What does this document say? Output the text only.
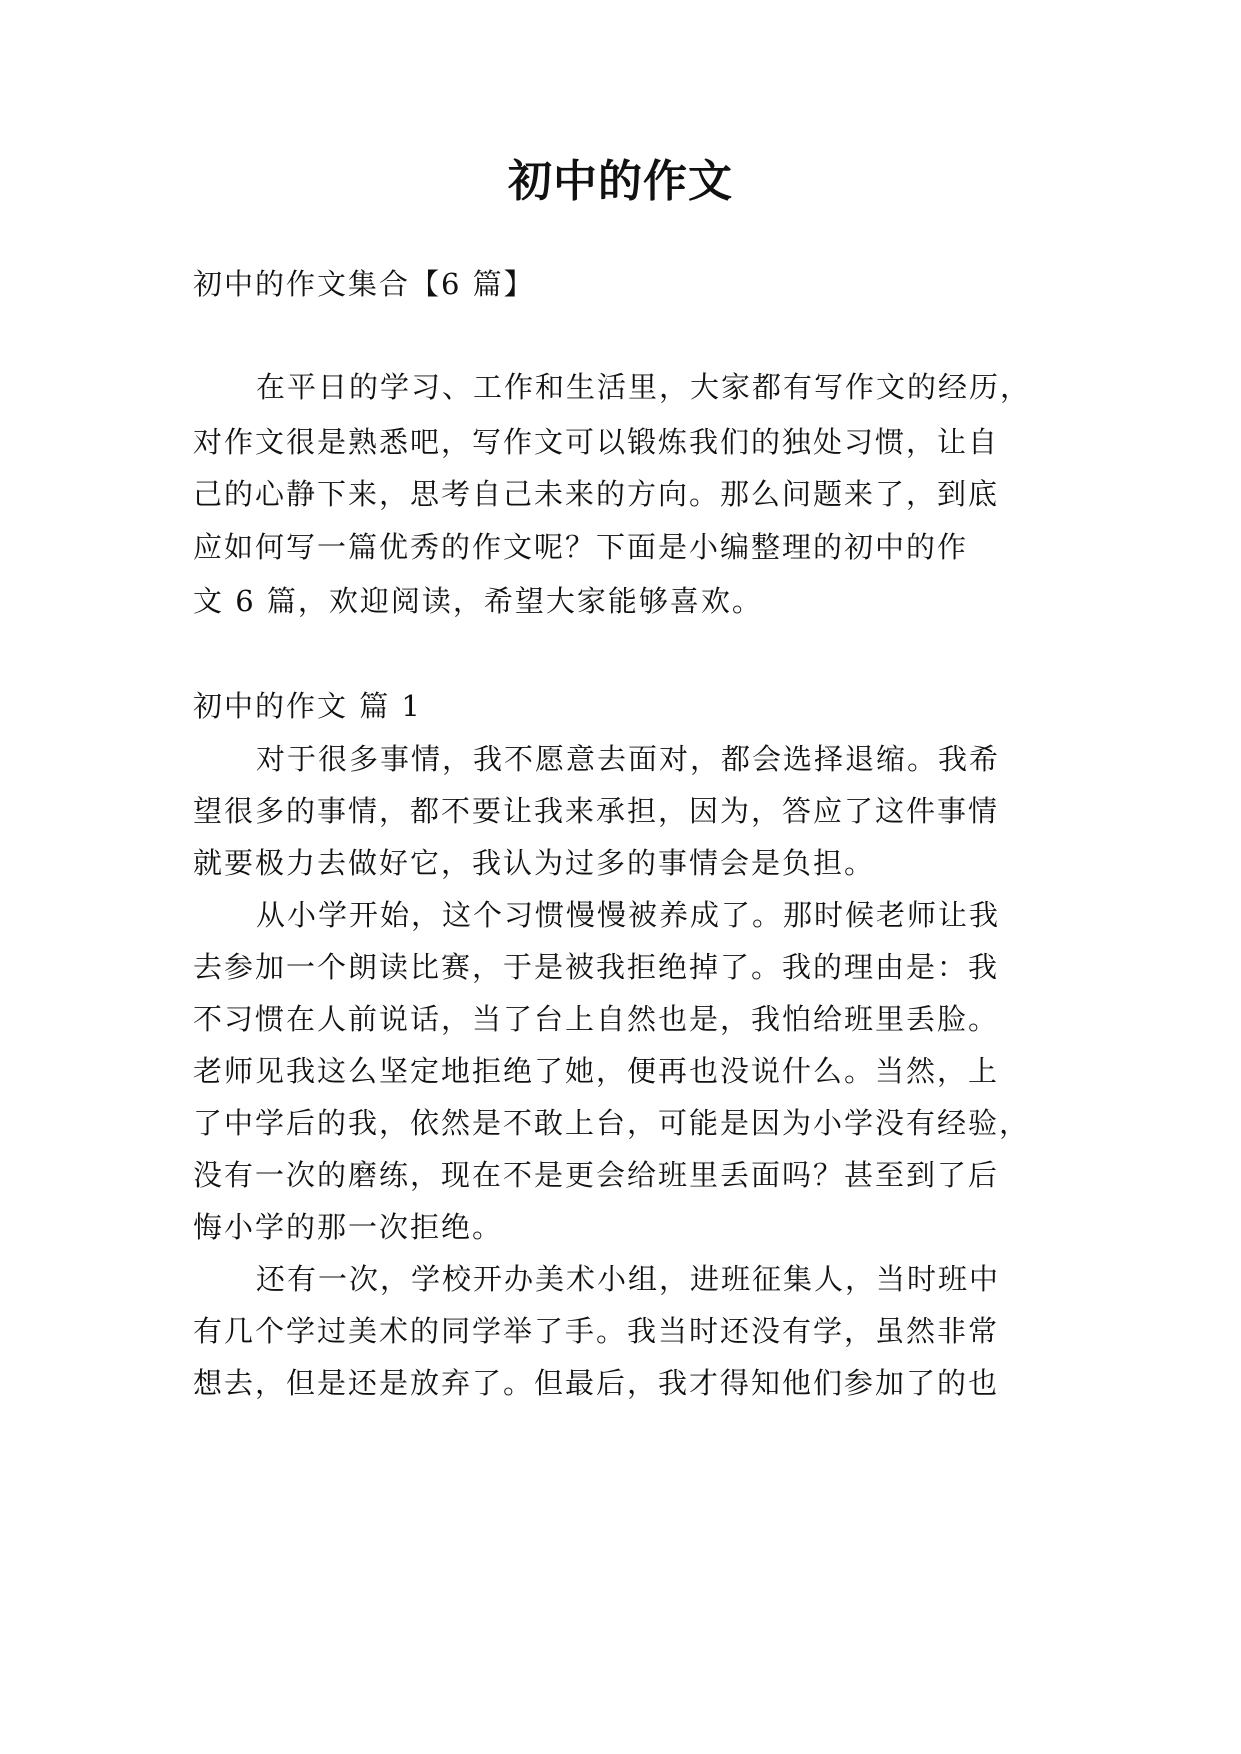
初中的作文

初中的作文集合【6 篇】

在平日的学习、工作和生活里，大家都有写作文的经历，

对作文很是熟悉吧，写作文可以锻炼我们的独处习惯，让自

己的心静下来，思考自己未来的方向。那么问题来了，到底

应如何写一篇优秀的作文呢？下面是小编整理的初中的作

文 6 篇，欢迎阅读，希望大家能够喜欢。

初中的作文 篇 1

对于很多事情，我不愿意去面对，都会选择退缩。我希

望很多的事情，都不要让我来承担，因为，答应了这件事情

就要极力去做好它，我认为过多的事情会是负担。

从小学开始，这个习惯慢慢被养成了。那时候老师让我

去参加一个朗读比赛，于是被我拒绝掉了。我的理由是：我

不习惯在人前说话，当了台上自然也是，我怕给班里丢脸。

老师见我这么坚定地拒绝了她，便再也没说什么。当然，上

了中学后的我，依然是不敢上台，可能是因为小学没有经验，

没有一次的磨练，现在不是更会给班里丢面吗？甚至到了后

悔小学的那一次拒绝。

还有一次，学校开办美术小组，进班征集人，当时班中

有几个学过美术的同学举了手。我当时还没有学，虽然非常

想去，但是还是放弃了。但最后，我才得知他们参加了的也
